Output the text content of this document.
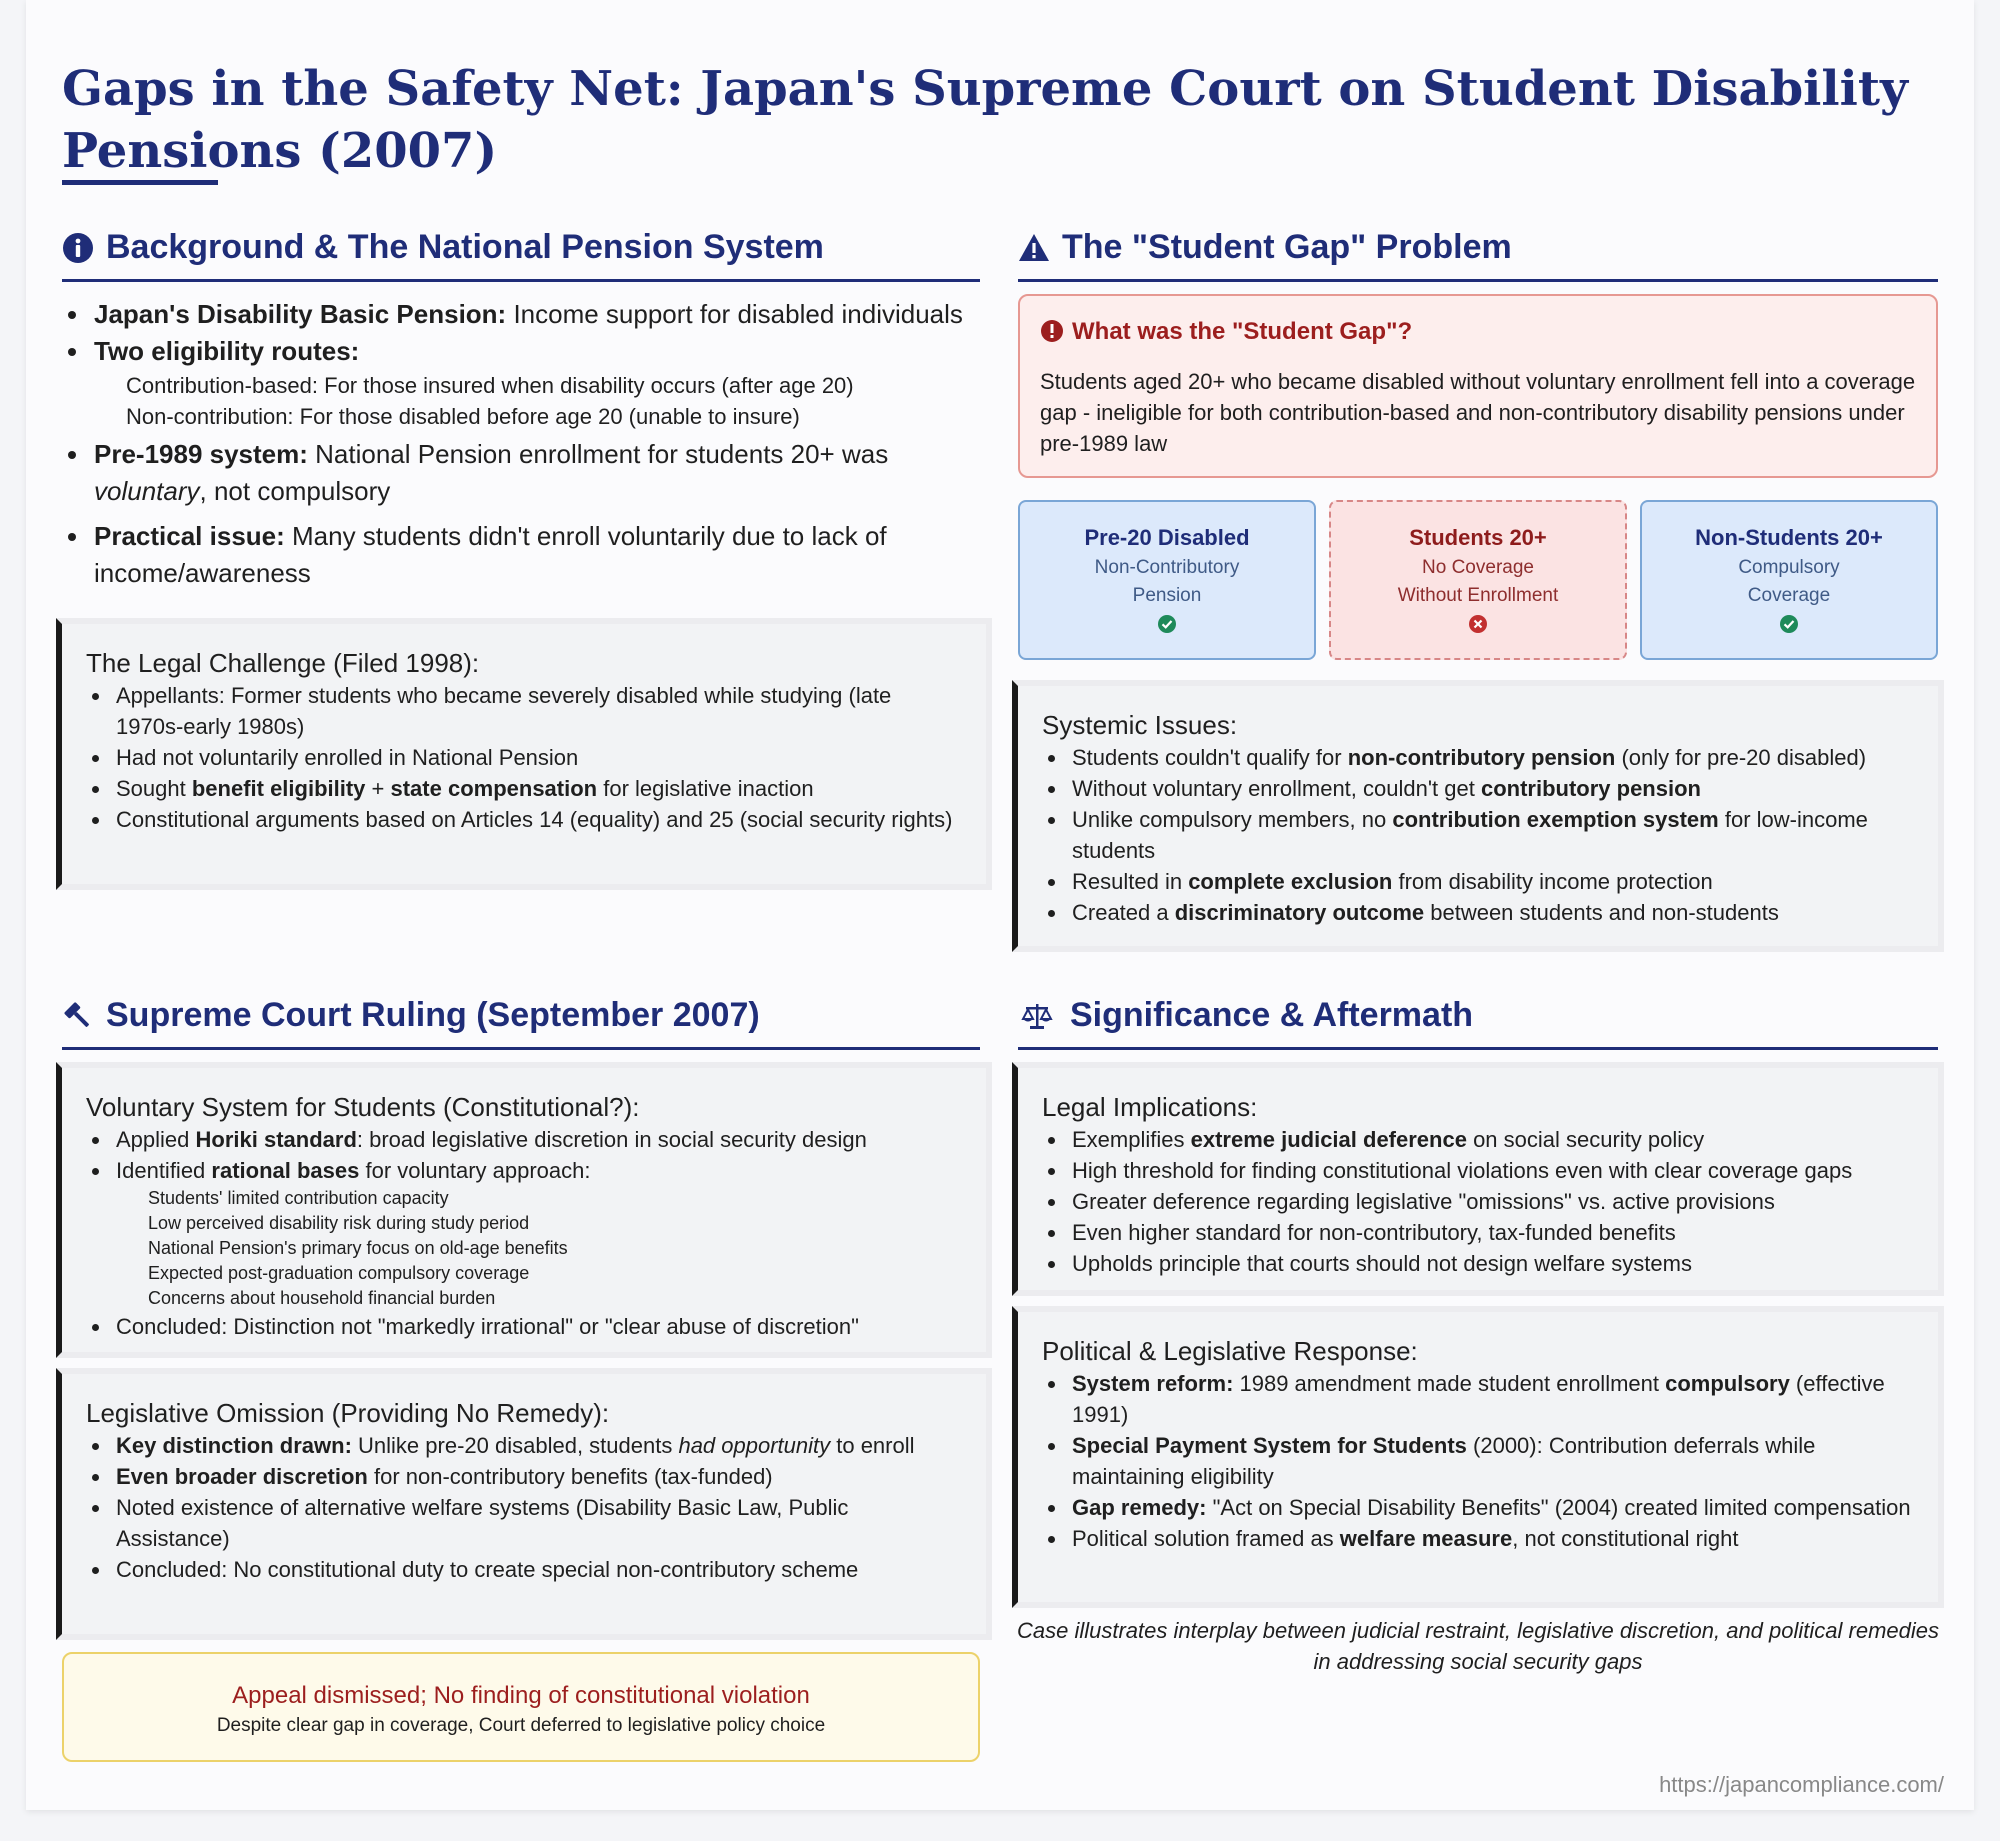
Gaps in the Safety Net: Japan's Supreme Court on Student Disability Pensions (2007)
Background & The National Pension System
Japan's Disability Basic Pension: Income support for disabled individuals
Two eligibility routes:
Contribution-based: For those insured when disability occurs (after age 20)
Non-contribution: For those disabled before age 20 (unable to insure)
Pre-1989 system: National Pension enrollment for students 20+ was voluntary, not compulsory
Practical issue: Many students didn't enroll voluntarily due to lack of income/awareness
The Legal Challenge (Filed 1998):
Appellants: Former students who became severely disabled while studying (late 1970s-early 1980s)
Had not voluntarily enrolled in National Pension
Sought benefit eligibility + state compensation for legislative inaction
Constitutional arguments based on Articles 14 (equality) and 25 (social security rights)
The "Student Gap" Problem
What was the "Student Gap"?
Students aged 20+ who became disabled without voluntary enrollment fell into a coverage gap - ineligible for both contribution-based and non-contributory disability pensions under pre-1989 law
Pre-20 Disabled
Non-Contributory
Pension
Students 20+
No Coverage
Without Enrollment
Non-Students 20+
Compulsory
Coverage
Systemic Issues:
Students couldn't qualify for non-contributory pension (only for pre-20 disabled)
Without voluntary enrollment, couldn't get contributory pension
Unlike compulsory members, no contribution exemption system for low-income students
Resulted in complete exclusion from disability income protection
Created a discriminatory outcome between students and non-students
Supreme Court Ruling (September 2007)
Voluntary System for Students (Constitutional?):
Applied Horiki standard: broad legislative discretion in social security design
Identified rational bases for voluntary approach:
Students' limited contribution capacity
Low perceived disability risk during study period
National Pension's primary focus on old-age benefits
Expected post-graduation compulsory coverage
Concerns about household financial burden
Concluded: Distinction not "markedly irrational" or "clear abuse of discretion"
Legislative Omission (Providing No Remedy):
Key distinction drawn: Unlike pre-20 disabled, students had opportunity to enroll
Even broader discretion for non-contributory benefits (tax-funded)
Noted existence of alternative welfare systems (Disability Basic Law, Public Assistance)
Concluded: No constitutional duty to create special non-contributory scheme
Appeal dismissed; No finding of constitutional violation
Despite clear gap in coverage, Court deferred to legislative policy choice
Significance & Aftermath
Legal Implications:
Exemplifies extreme judicial deference on social security policy
High threshold for finding constitutional violations even with clear coverage gaps
Greater deference regarding legislative "omissions" vs. active provisions
Even higher standard for non-contributory, tax-funded benefits
Upholds principle that courts should not design welfare systems
Political & Legislative Response:
System reform: 1989 amendment made student enrollment compulsory (effective 1991)
Special Payment System for Students (2000): Contribution deferrals while maintaining eligibility
Gap remedy: "Act on Special Disability Benefits" (2004) created limited compensation
Political solution framed as welfare measure, not constitutional right
Case illustrates interplay between judicial restraint, legislative discretion, and political remedies in addressing social security gaps
https://japancompliance.com/
